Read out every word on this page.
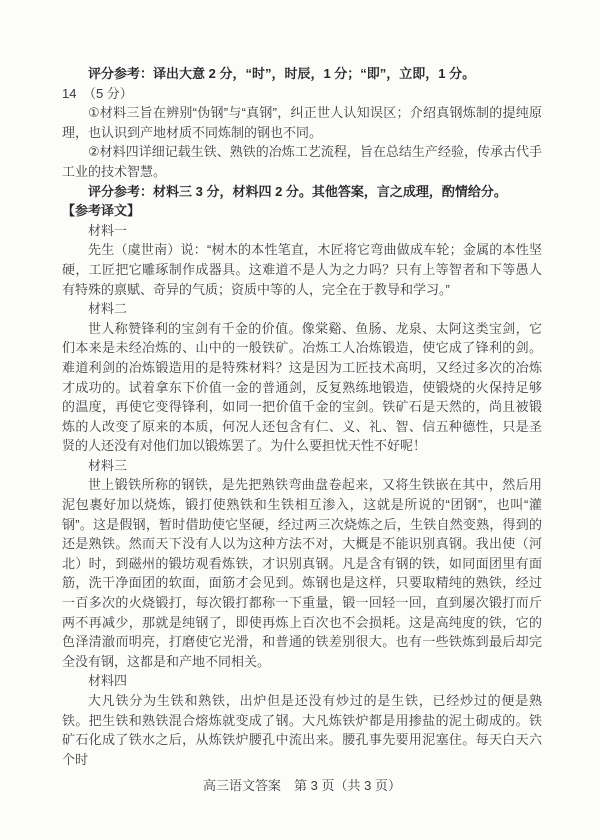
评分参考：译出大意 2 分，“时”，时辰，1 分；“即”，立即，1 分。

14　（5 分）

①材料三旨在辨别“伪钢”与“真钢”，纠正世人认知误区；介绍真钢炼制的提纯原理，也认识到产地材质不同炼制的钢也不同。

②材料四详细记载生铁、熟铁的冶炼工艺流程，旨在总结生产经验，传承古代手工业的技术智慧。

评分参考：材料三 3 分，材料四 2 分。其他答案，言之成理，酌情给分。

【参考译文】

材料一

先生（虞世南）说：“树木的本性笔直，木匠将它弯曲做成车轮；金属的本性坚硬，工匠把它雕琢制作成器具。这难道不是人为之力吗？只有上等智者和下等愚人有特殊的禀赋、奇异的气质；资质中等的人，完全在于教导和学习。”

材料二

世人称赞锋利的宝剑有千金的价值。像棠谿、鱼肠、龙泉、太阿这类宝剑，它们本来是未经冶炼的、山中的一般铁矿。冶炼工人冶炼锻造，使它成了锋利的剑。难道利剑的冶炼锻造用的是特殊材料？这是因为工匠技术高明，又经过多次的冶炼才成功的。试着拿东下价值一金的普通剑，反复熟练地锻造，使锻烧的火保持足够的温度，再使它变得锋利，如同一把价值千金的宝剑。铁矿石是天然的，尚且被锻炼的人改变了原来的本质，何况人还包含有仁、义、礼、智、信五种德性，只是圣贤的人还没有对他们加以锻炼罢了。为什么要担忧天性不好呢！

材料三

世上锻铁所称的钢铁，是先把熟铁弯曲盘卷起来，又将生铁嵌在其中，然后用泥包裹好加以烧炼，锻打使熟铁和生铁相互渗入，这就是所说的“团钢”，也叫“灌钢”。这是假钢，暂时借助使它坚硬，经过两三次烧炼之后，生铁自然变熟，得到的还是熟铁。然而天下没有人以为这种方法不对，大概是不能识别真钢。我出使（河北）时，到磁州的锻坊观看炼铁，才识别真钢。凡是含有钢的铁，如同面团里有面筋，洗干净面团的软面，面筋才会见到。炼钢也是这样，只要取精纯的熟铁，经过一百多次的火烧锻打，每次锻打都称一下重量，锻一回轻一回，直到屡次锻打而斤两不再减少，那就是纯钢了，即使再炼上百次也不会损耗。这是高纯度的铁，它的色泽清澈而明亮，打磨使它光滑，和普通的铁差别很大。也有一些铁炼到最后却完全没有钢，这都是和产地不同相关。

材料四

大凡铁分为生铁和熟铁，出炉但是还没有炒过的是生铁，已经炒过的便是熟铁。把生铁和熟铁混合熔炼就变成了钢。大凡炼铁炉都是用掺盐的泥土砌成的。铁矿石化成了铁水之后，从炼铁炉腰孔中流出来。腰孔事先要用泥塞住。每天白天六个时

高三语文答案　第 3 页（共 3 页）
